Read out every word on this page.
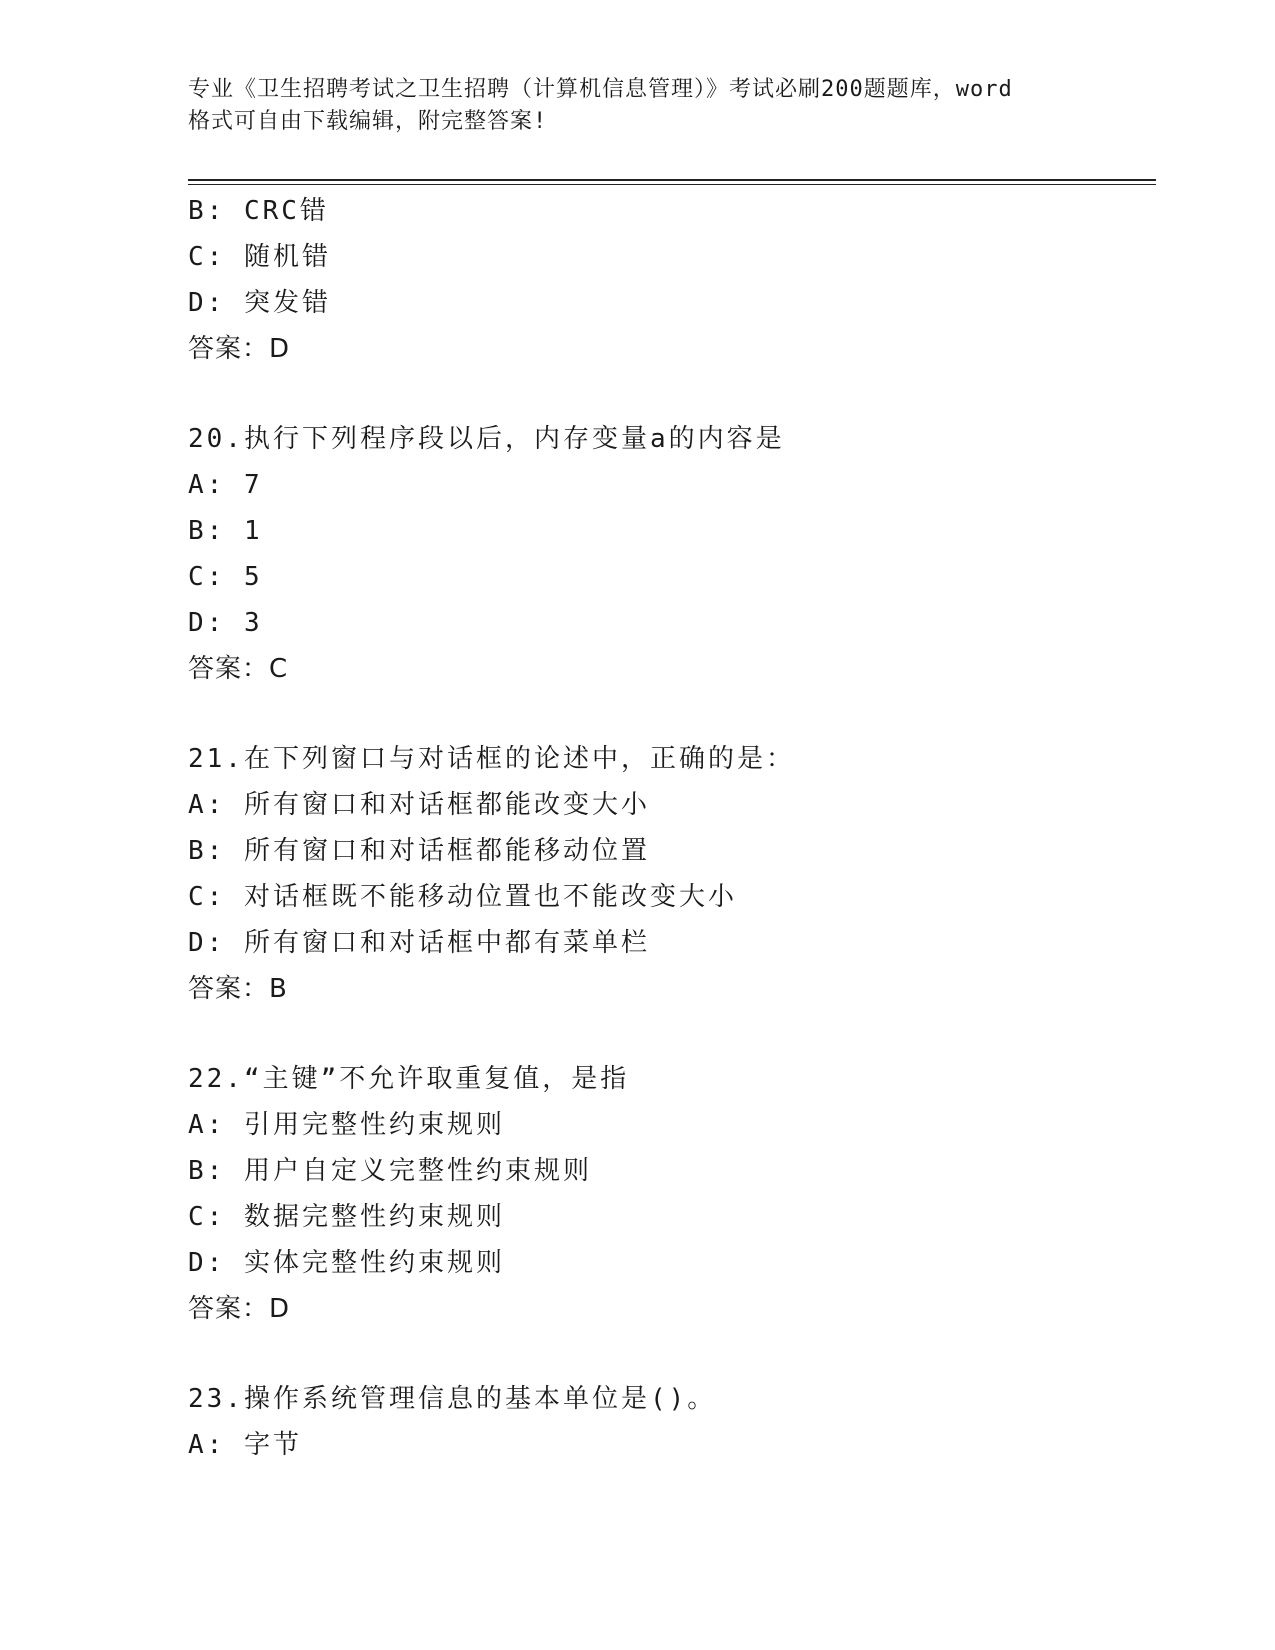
专业《卫生招聘考试之卫生招聘（计算机信息管理）》考试必刷200题题库，word
格式可自由下载编辑，附完整答案!
B: CRC错
C: 随机错
D: 突发错
答案：D
20.执行下列程序段以后，内存变量a的内容是
A: 7
B: 1
C: 5
D: 3
答案：C
21.在下列窗口与对话框的论述中，正确的是：
A: 所有窗口和对话框都能改变大小
B: 所有窗口和对话框都能移动位置
C: 对话框既不能移动位置也不能改变大小
D: 所有窗口和对话框中都有菜单栏
答案：B
22.“主键”不允许取重复值，是指
A: 引用完整性约束规则
B: 用户自定义完整性约束规则
C: 数据完整性约束规则
D: 实体完整性约束规则
答案：D
23.操作系统管理信息的基本单位是()。
A: 字节
